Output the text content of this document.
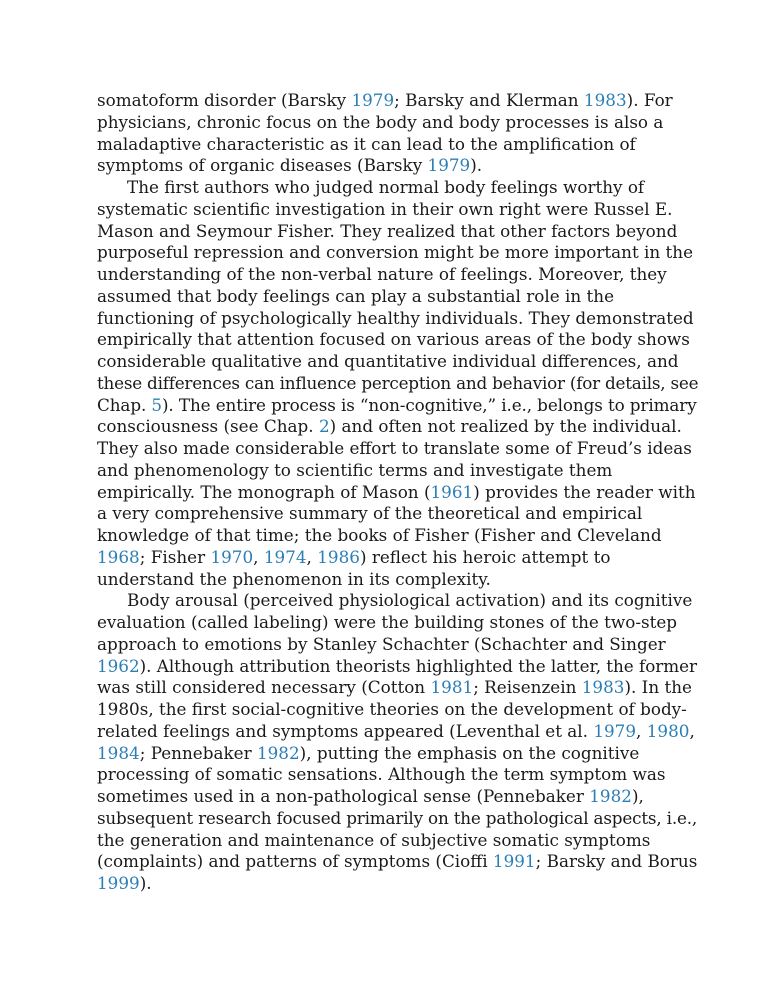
somatoform disorder (Barsky 1979; Barsky and Klerman 1983). For
physicians, chronic focus on the body and body processes is also a
maladaptive characteristic as it can lead to the amplification of
symptoms of organic diseases (Barsky 1979).
The first authors who judged normal body feelings worthy of
systematic scientific investigation in their own right were Russel E.
Mason and Seymour Fisher. They realized that other factors beyond
purposeful repression and conversion might be more important in the
understanding of the non-verbal nature of feelings. Moreover, they
assumed that body feelings can play a substantial role in the
functioning of psychologically healthy individuals. They demonstrated
empirically that attention focused on various areas of the body shows
considerable qualitative and quantitative individual differences, and
these differences can influence perception and behavior (for details, see
Chap. 5). The entire process is “non-cognitive,” i.e., belongs to primary
consciousness (see Chap. 2) and often not realized by the individual.
They also made considerable effort to translate some of Freud’s ideas
and phenomenology to scientific terms and investigate them
empirically. The monograph of Mason (1961) provides the reader with
a very comprehensive summary of the theoretical and empirical
knowledge of that time; the books of Fisher (Fisher and Cleveland
1968; Fisher 1970, 1974, 1986) reflect his heroic attempt to
understand the phenomenon in its complexity.
Body arousal (perceived physiological activation) and its cognitive
evaluation (called labeling) were the building stones of the two-step
approach to emotions by Stanley Schachter (Schachter and Singer
1962). Although attribution theorists highlighted the latter, the former
was still considered necessary (Cotton 1981; Reisenzein 1983). In the
1980s, the first social-cognitive theories on the development of body-
related feelings and symptoms appeared (Leventhal et al. 1979, 1980,
1984; Pennebaker 1982), putting the emphasis on the cognitive
processing of somatic sensations. Although the term symptom was
sometimes used in a non-pathological sense (Pennebaker 1982),
subsequent research focused primarily on the pathological aspects, i.e.,
the generation and maintenance of subjective somatic symptoms
(complaints) and patterns of symptoms (Cioffi 1991; Barsky and Borus
1999).
